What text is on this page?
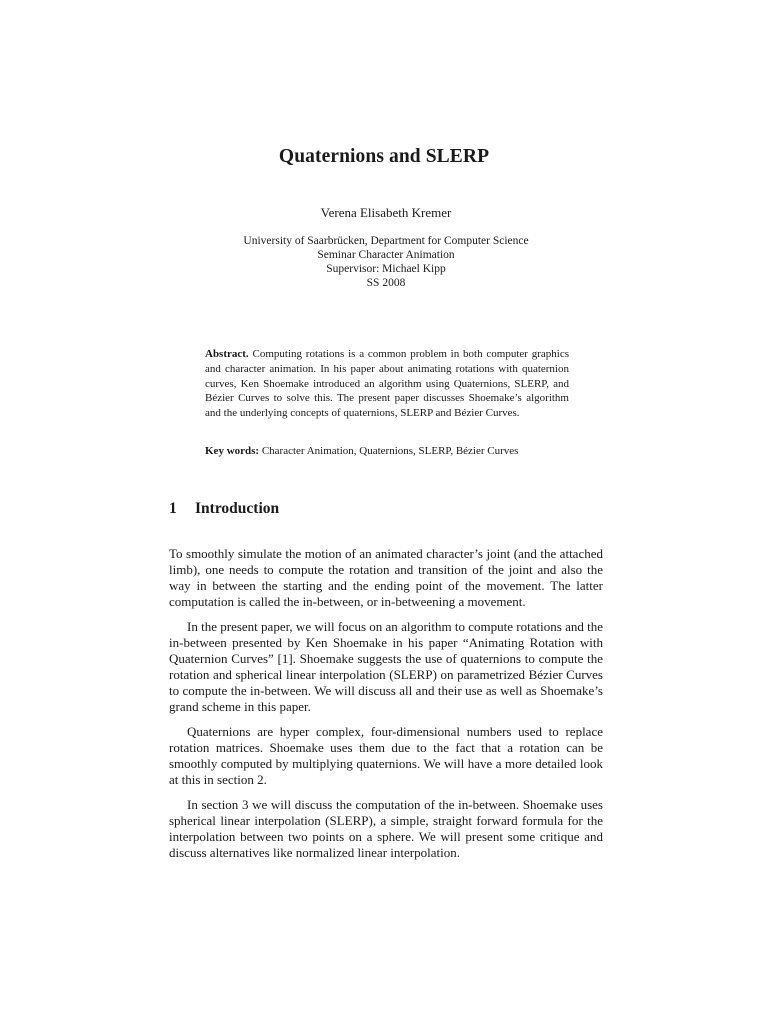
Quaternions and SLERP
Verena Elisabeth Kremer
University of Saarbrücken, Department for Computer Science
Seminar Character Animation
Supervisor: Michael Kipp
SS 2008
Abstract. Computing rotations is a common problem in both computer graphics and character animation. In his paper about animating rotations with quaternion curves, Ken Shoemake introduced an algorithm using Quaternions, SLERP, and Bézier Curves to solve this. The present paper discusses Shoemake’s algorithm and the underlying concepts of quaternions, SLERP and Bézier Curves.
Key words: Character Animation, Quaternions, SLERP, Bézier Curves
1 Introduction

To smoothly simulate the motion of an animated character’s joint (and the attached limb), one needs to compute the rotation and transition of the joint and also the way in between the starting and the ending point of the movement. The latter computation is called the in-between, or in-betweening a movement.

In the present paper, we will focus on an algorithm to compute rotations and the in-between presented by Ken Shoemake in his paper “Animating Rotation with Quaternion Curves” [1]. Shoemake suggests the use of quaternions to compute the rotation and spherical linear interpolation (SLERP) on parametrized Bézier Curves to compute the in-between. We will discuss all and their use as well as Shoemake’s grand scheme in this paper.

Quaternions are hyper complex, four-dimensional numbers used to replace rotation matrices. Shoemake uses them due to the fact that a rotation can be smoothly computed by multiplying quaternions. We will have a more detailed look at this in section 2.

In section 3 we will discuss the computation of the in-between. Shoemake uses spherical linear interpolation (SLERP), a simple, straight forward formula for the interpolation between two points on a sphere. We will present some critique and discuss alternatives like normalized linear interpolation.
